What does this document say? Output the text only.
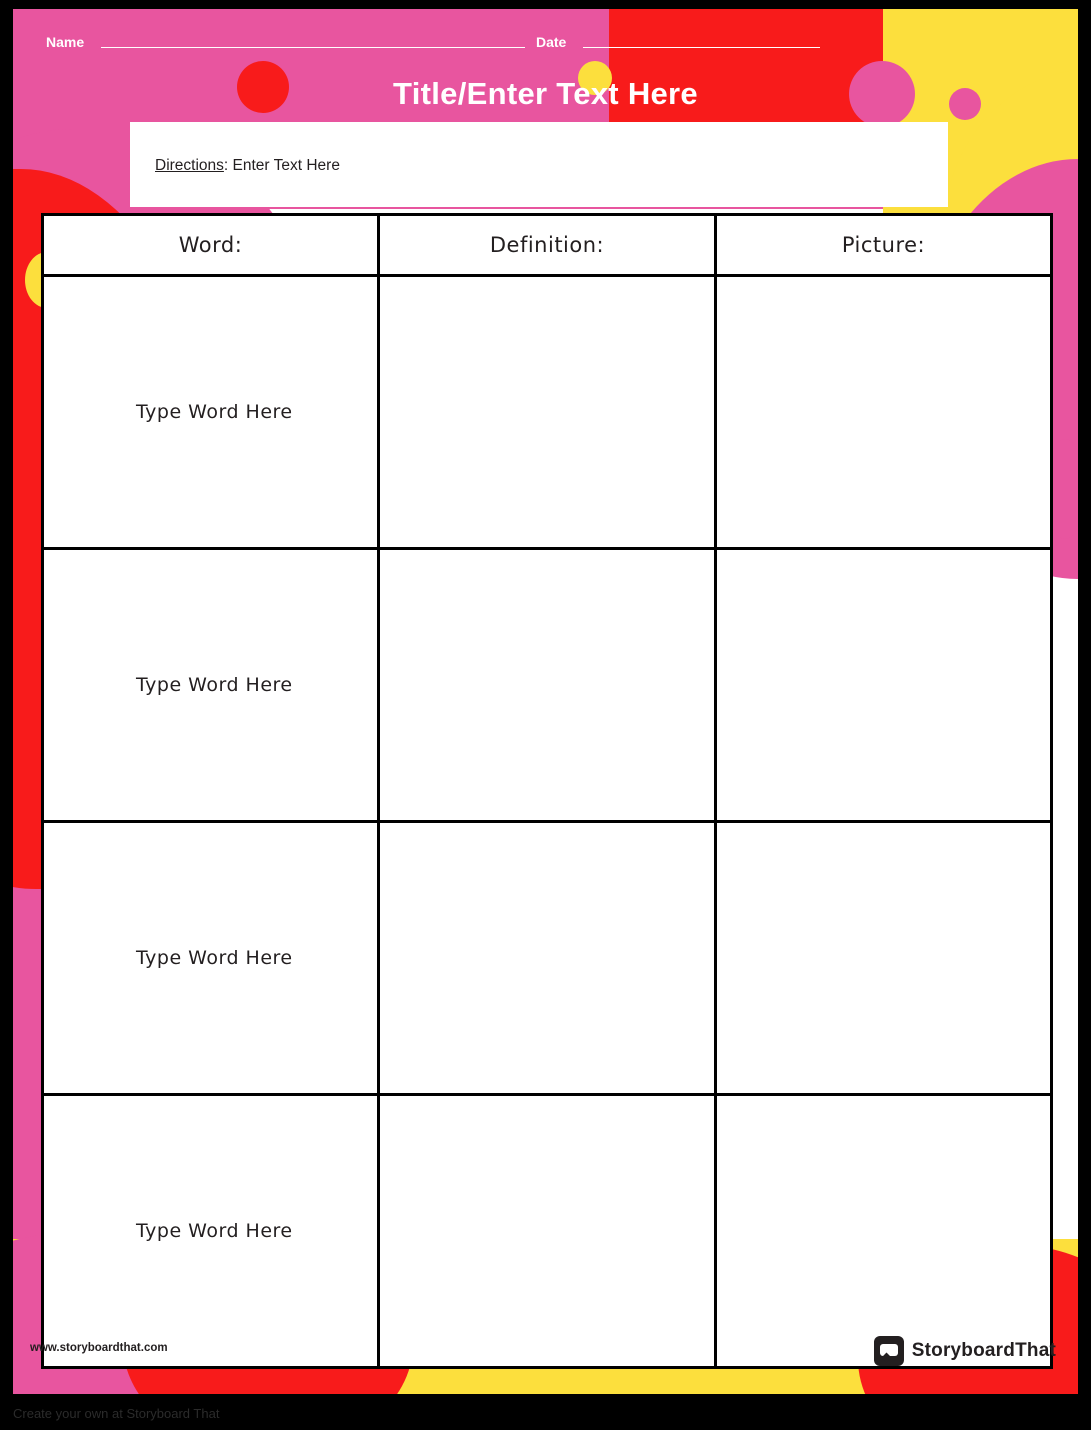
Name	Date
Title/Enter Text Here
Directions: Enter Text Here
Word:	Definition:	Picture:
Type Word Here		
Type Word Here		
Type Word Here		
Type Word Here		
www.storyboardthat.com	StoryboardThat
Create your own at Storyboard That
